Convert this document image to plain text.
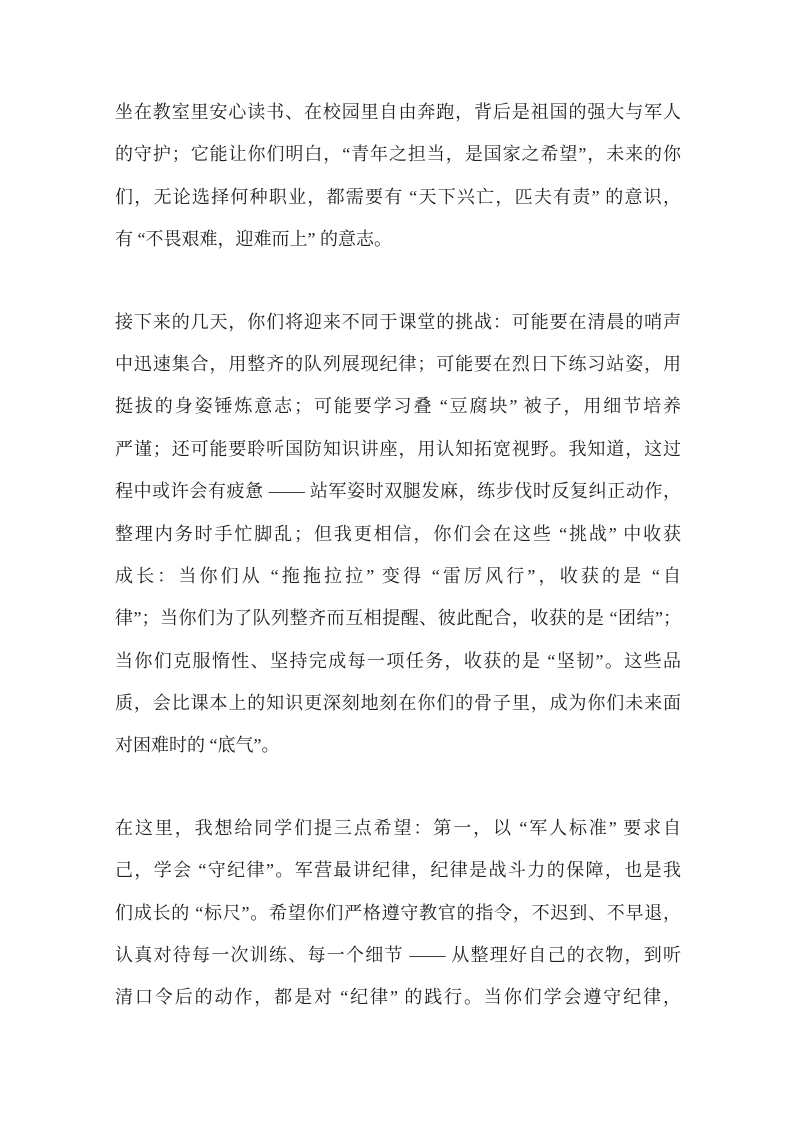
坐在教室里安心读书、在校园里自由奔跑，背后是祖国的强大与军人
的守护；它能让你们明白，“青年之担当，是国家之希望”，未来的你
们，无论选择何种职业，都需要有 “天下兴亡，匹夫有责” 的意识，
有 “不畏艰难，迎难而上” 的意志。
接下来的几天，你们将迎来不同于课堂的挑战：可能要在清晨的哨声
中迅速集合，用整齐的队列展现纪律；可能要在烈日下练习站姿，用
挺拔的身姿锤炼意志；可能要学习叠 “豆腐块” 被子，用细节培养
严谨；还可能要聆听国防知识讲座，用认知拓宽视野。我知道，这过
程中或许会有疲惫 —— 站军姿时双腿发麻，练步伐时反复纠正动作，
整理内务时手忙脚乱；但我更相信，你们会在这些 “挑战” 中收获
成长：当你们从 “拖拖拉拉” 变得 “雷厉风行”，收获的是 “自
律”；当你们为了队列整齐而互相提醒、彼此配合，收获的是 “团结”；
当你们克服惰性、坚持完成每一项任务，收获的是 “坚韧”。这些品
质，会比课本上的知识更深刻地刻在你们的骨子里，成为你们未来面
对困难时的 “底气”。
在这里，我想给同学们提三点希望：第一，以 “军人标准” 要求自
己，学会 “守纪律”。军营最讲纪律，纪律是战斗力的保障，也是我
们成长的 “标尺”。希望你们严格遵守教官的指令，不迟到、不早退，
认真对待每一次训练、每一个细节 —— 从整理好自己的衣物，到听
清口令后的动作，都是对 “纪律” 的践行。当你们学会遵守纪律，
